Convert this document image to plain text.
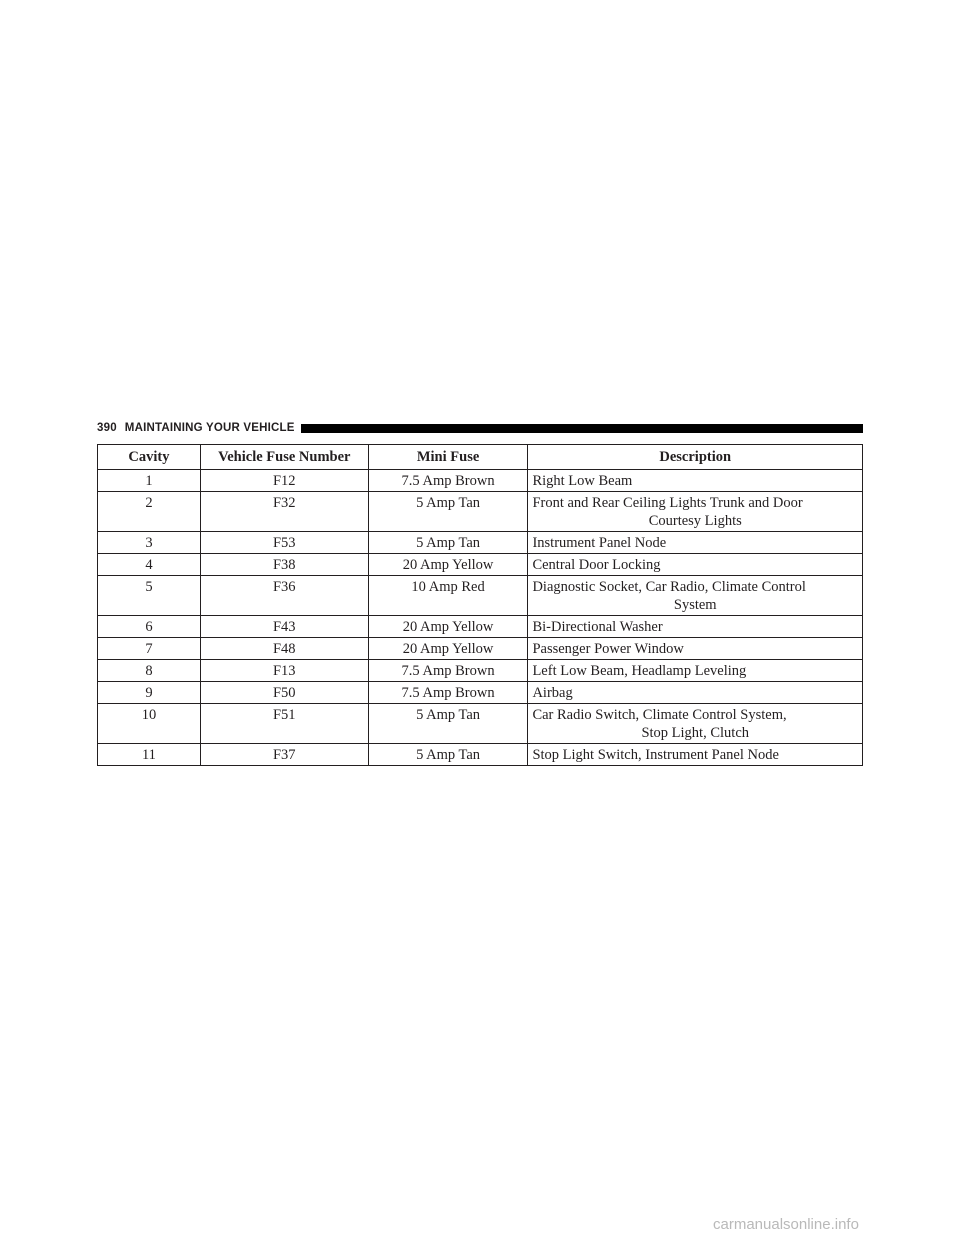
390 MAINTAINING YOUR VEHICLE
Cavity	Vehicle Fuse Number	Mini Fuse	Description
1	F12	7.5 Amp Brown	Right Low Beam
2	F32	5 Amp Tan	Front and Rear Ceiling Lights Trunk and Door
Courtesy Lights

3	F53	5 Amp Tan	Instrument Panel Node
4	F38	20 Amp Yellow	Central Door Locking
5	F36	10 Amp Red	Diagnostic Socket, Car Radio, Climate Control
System

6	F43	20 Amp Yellow	Bi-Directional Washer
7	F48	20 Amp Yellow	Passenger Power Window
8	F13	7.5 Amp Brown	Left Low Beam, Headlamp Leveling
9	F50	7.5 Amp Brown	Airbag
10	F51	5 Amp Tan	Car Radio Switch, Climate Control System,
Stop Light, Clutch

11	F37	5 Amp Tan	Stop Light Switch, Instrument Panel Node
carmanualsonline.info
